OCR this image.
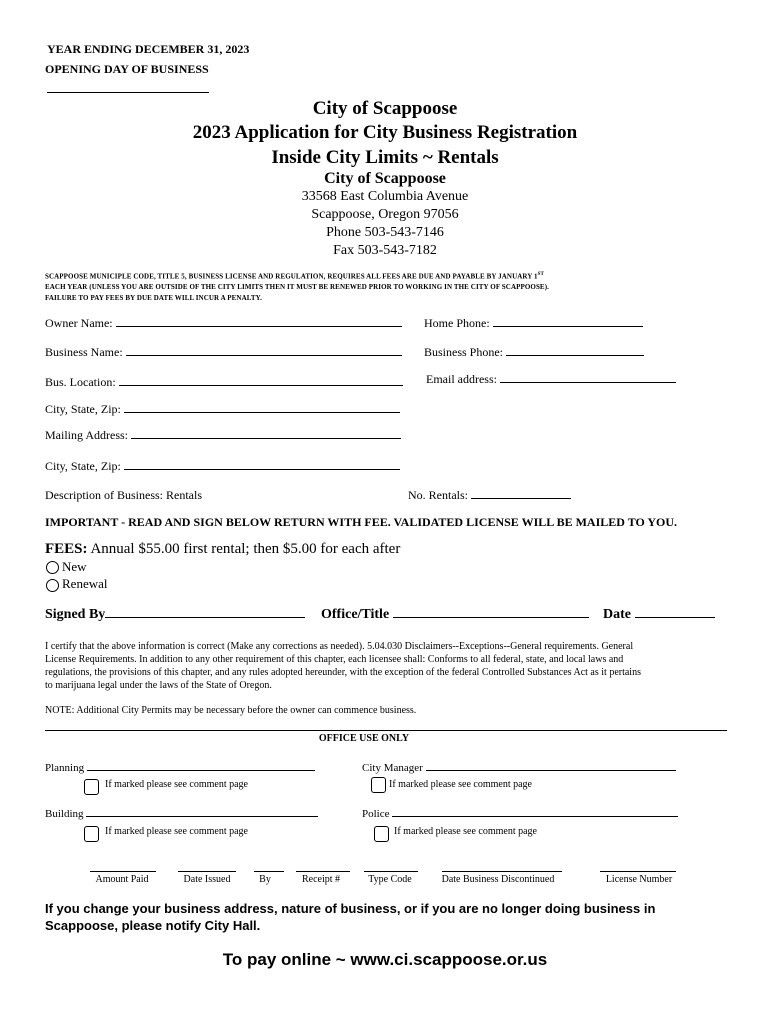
YEAR ENDING DECEMBER 31, 2023
OPENING DAY OF BUSINESS
City of Scappoose
2023 Application for City Business Registration
Inside City Limits ~ Rentals
City of Scappoose
33568 East Columbia Avenue
Scappoose, Oregon 97056
Phone 503-543-7146
Fax 503-543-7182
SCAPPOOSE MUNICIPLE CODE, TITLE 5, BUSINESS LICENSE AND REGULATION, REQUIRES ALL FEES ARE DUE AND PAYABLE BY JANUARY 1ST
EACH YEAR (UNLESS YOU ARE OUTSIDE OF THE CITY LIMITS THEN IT MUST BE RENEWED PRIOR TO WORKING IN THE CITY OF SCAPPOOSE).
FAILURE TO PAY FEES BY DUE DATE WILL INCUR A PENALTY.
Owner Name:	Home Phone:
Business Name:	Business Phone:
Bus. Location:	Email address:
City, State, Zip:
Mailing Address:
City, State, Zip:
Description of Business: Rentals	No. Rentals:
IMPORTANT - READ AND SIGN BELOW RETURN WITH FEE. VALIDATED LICENSE WILL BE MAILED TO YOU.
FEES: Annual $55.00 first rental; then $5.00 for each after
New
Renewal
Signed By	Office/Title	Date
I certify that the above information is correct (Make any corrections as needed). 5.04.030 Disclaimers--Exceptions--General requirements. General
License Requirements. In addition to any other requirement of this chapter, each licensee shall: Conforms to all federal, state, and local laws and
regulations, the provisions of this chapter, and any rules adopted hereunder, with the exception of the federal Controlled Substances Act as it pertains
to marijuana legal under the laws of the State of Oregon.
NOTE: Additional City Permits may be necessary before the owner can commence business.
OFFICE USE ONLY
Planning	City Manager
If marked please see comment page	If marked please see comment page
Building	Police
If marked please see comment page	If marked please see comment page
Amount Paid	Date Issued	By	Receipt #	Type Code	Date Business Discontinued	License Number
If you change your business address, nature of business, or if you are no longer doing business in
Scappoose, please notify City Hall.
To pay online ~ www.ci.scappoose.or.us
